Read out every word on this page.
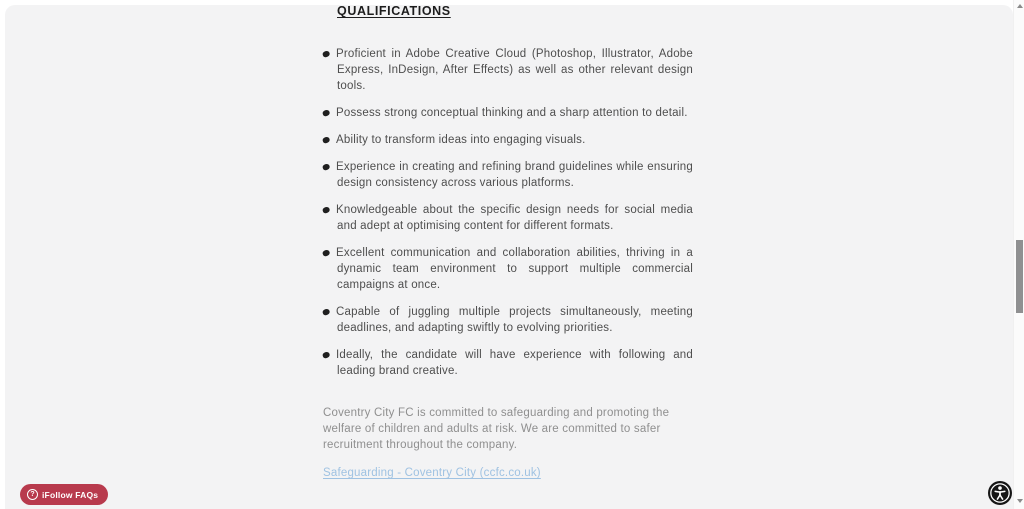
QUALIFICATIONS
Proficient in Adobe Creative Cloud (Photoshop, Illustrator, Adobe Express, InDesign, After Effects) as well as other relevant design tools.
Possess strong conceptual thinking and a sharp attention to detail.
Ability to transform ideas into engaging visuals.
Experience in creating and refining brand guidelines while ensuring design consistency across various platforms.
Knowledgeable about the specific design needs for social media and adept at optimising content for different formats.
Excellent communication and collaboration abilities, thriving in a dynamic team environment to support multiple commercial campaigns at once.
Capable of juggling multiple projects simultaneously, meeting deadlines, and adapting swiftly to evolving priorities.
Ideally, the candidate will have experience with following and leading brand creative.

Coventry City FC is committed to safeguarding and promoting the welfare of children and adults at risk. We are committed to safer recruitment throughout the company.

Safeguarding - Coventry City (ccfc.co.uk)
? iFollow FAQs
